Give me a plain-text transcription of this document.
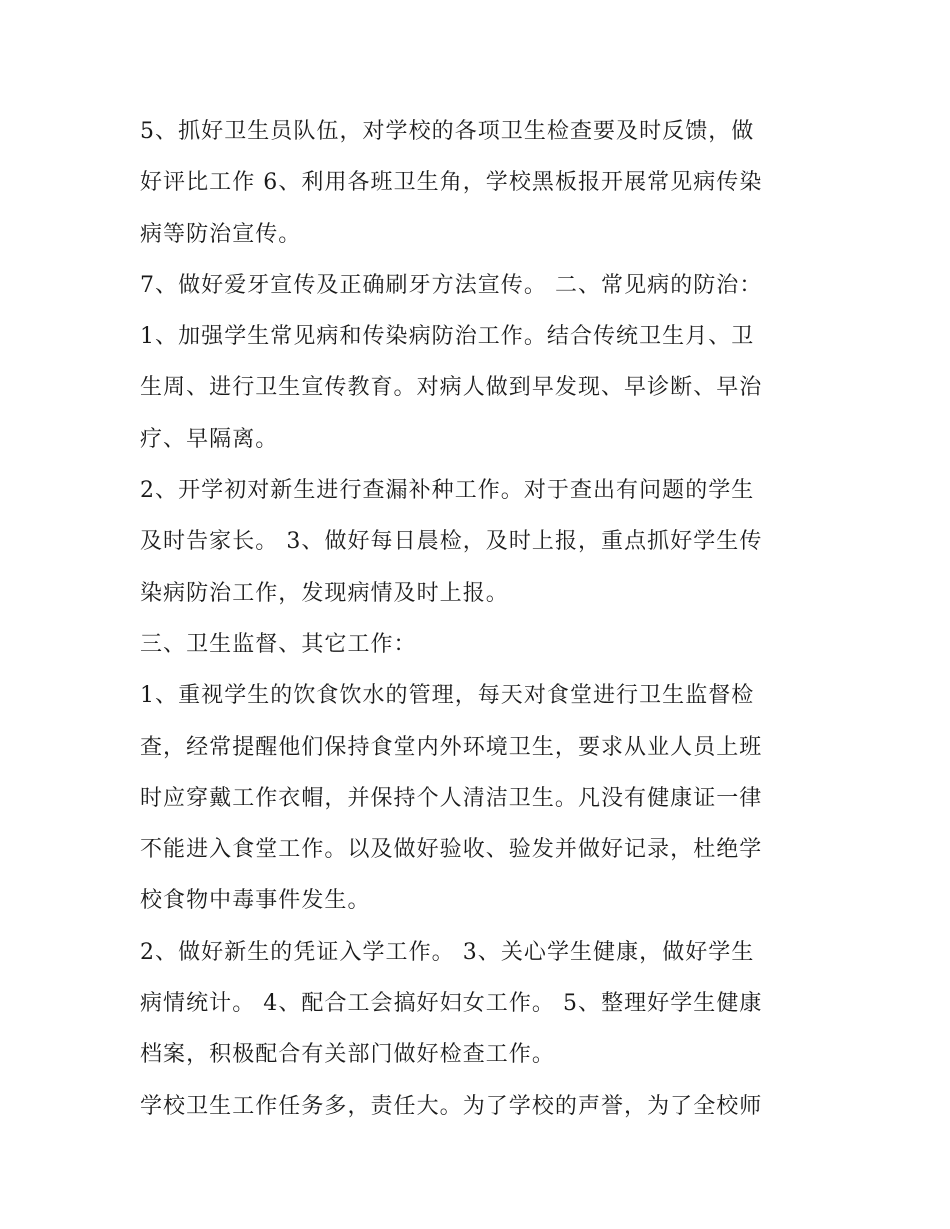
5、抓好卫生员队伍，对学校的各项卫生检查要及时反馈，做
好评比工作 6、利用各班卫生角，学校黑板报开展常见病传染
病等防治宣传。

7、做好爱牙宣传及正确刷牙方法宣传。 二、常见病的防治：

1、加强学生常见病和传染病防治工作。结合传统卫生月、卫
生周、进行卫生宣传教育。对病人做到早发现、早诊断、早治
疗、早隔离。

2、开学初对新生进行查漏补种工作。对于查出有问题的学生
及时告家长。 3、做好每日晨检，及时上报，重点抓好学生传
染病防治工作，发现病情及时上报。

三、卫生监督、其它工作：

1、重视学生的饮食饮水的管理，每天对食堂进行卫生监督检
查，经常提醒他们保持食堂内外环境卫生，要求从业人员上班
时应穿戴工作衣帽，并保持个人清洁卫生。凡没有健康证一律
不能进入食堂工作。以及做好验收、验发并做好记录，杜绝学
校食物中毒事件发生。

2、做好新生的凭证入学工作。 3、关心学生健康，做好学生
病情统计。 4、配合工会搞好妇女工作。 5、整理好学生健康
档案，积极配合有关部门做好检查工作。

学校卫生工作任务多，责任大。为了学校的声誉，为了全校师
